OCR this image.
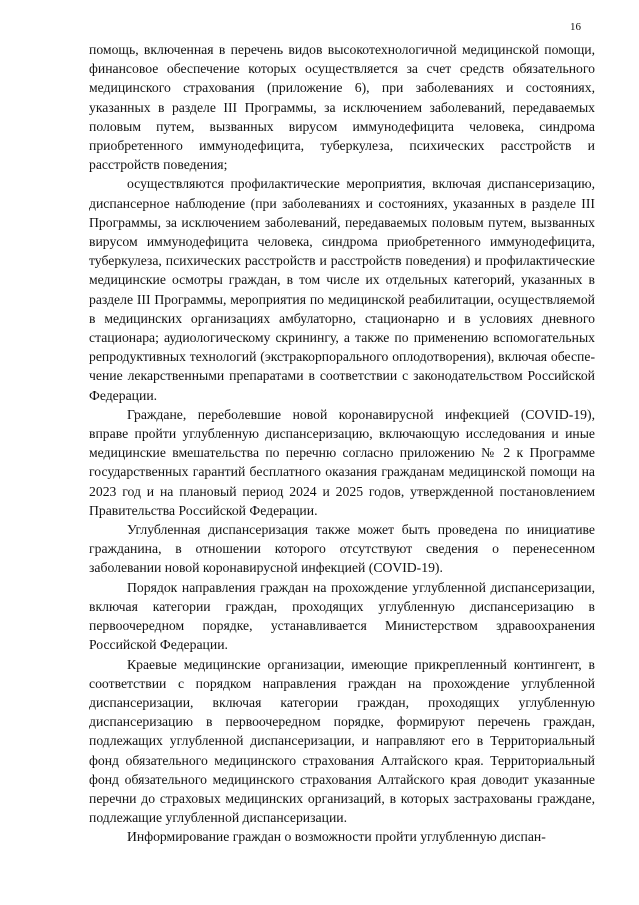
16

помощь, включенная в перечень видов высокотехнологичной медицинской помощи, финансовое обеспечение которых осуществляется за счет средств обязательного медицинского страхования (приложение 6), при заболеваниях и состояниях, указанных в разделе III Программы, за исключением заболеваний, передаваемых половым путем, вызванных вирусом иммунодефицита человека, синдрома приобретенного иммунодефицита, туберкулеза, психических расстройств и расстройств поведения;

осуществляются профилактические мероприятия, включая диспансеризацию, диспансерное наблюдение (при заболеваниях и состояниях, указанных в разделе III Программы, за исключением заболеваний, передаваемых половым путем, вызванных вирусом иммунодефицита человека, синдрома приобретенного иммунодефицита, туберкулеза, психических расстройств и расстройств поведения) и профилактические медицинские осмотры граждан, в том числе их отдельных категорий, указанных в разделе III Программы, мероприятия по медицинской реабилитации, осуществляемой в медицинских организациях амбулаторно, стационарно и в условиях дневного стационара; аудиологическому скринингу, а также по применению вспомогательных репродуктивных технологий (экстракорпорального оплодотворения), включая обеспечение лекарственными препаратами в соответствии с законодательством Российской Федерации.

Граждане, переболевшие новой коронавирусной инфекцией (COVID-19), вправе пройти углубленную диспансеризацию, включающую исследования и иные медицинские вмешательства по перечню согласно приложению № 2 к Программе государственных гарантий бесплатного оказания гражданам медицинской помощи на 2023 год и на плановый период 2024 и 2025 годов, утвержденной постановлением Правительства Российской Федерации.

Углубленная диспансеризация также может быть проведена по инициативе гражданина, в отношении которого отсутствуют сведения о перенесенном заболевании новой коронавирусной инфекцией (COVID-19).

Порядок направления граждан на прохождение углубленной диспансеризации, включая категории граждан, проходящих углубленную диспансеризацию в первоочередном порядке, устанавливается Министерством здравоохранения Российской Федерации.

Краевые медицинские организации, имеющие прикрепленный контингент, в соответствии с порядком направления граждан на прохождение углубленной диспансеризации, включая категории граждан, проходящих углубленную диспансеризацию в первоочередном порядке, формируют перечень граждан, подлежащих углубленной диспансеризации, и направляют его в Территориальный фонд обязательного медицинского страхования Алтайского края. Территориальный фонд обязательного медицинского страхования Алтайского края доводит указанные перечни до страховых медицинских организаций, в которых застрахованы граждане, подлежащие углубленной диспансеризации.

Информирование граждан о возможности пройти углубленную диспан-
